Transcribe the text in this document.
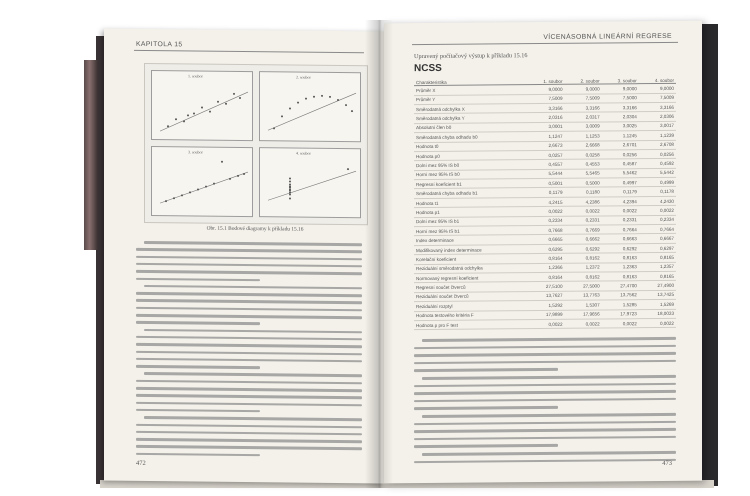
KAPITOLA 15
1. soubor	2. soubor
3. soubor	4. soubor
Obr. 15.1 Bodové diagramy k příkladu 15.16
472
VÍCENÁSOBNÁ LINEÁRNÍ REGRESE
Upravený počítačový výstup k příkladu 15.16
NCSS
Charakteristika	1. soubor	2. soubor	3. soubor	4. soubor
Průměr X	9,0000	9,0000	9,0000	9,0000
Průměr Y	7,5009	7,5009	7,5000	7,5009
Směrodatná odchylka X	3,3166	3,3166	3,3166	3,3166
Směrodatná odchylka Y	2,0316	2,0317	2,0304	2,0306
Absolutní člen b0	3,0001	3,0009	3,0025	3,0017
Směrodatná chyba odhadu b0	1,1247	1,1253	1,1245	1,1239
Hodnota t0	2,6673	2,6668	2,6701	2,6708
Hodnota p0	0,0257	0,0258	0,0256	0,0256
Dolní mez 95% IS b0	0,4557	0,4553	0,4587	0,4592
Horní mez 95% IS b0	5,5444	5,5465	5,5462	5,5442
Regresní koeficient b1	0,5001	0,5000	0,4997	0,4999
Směrodatná chyba odhadu b1	0,1179	0,1180	0,1179	0,1178
Hodnota t1	4,2415	4,2386	4,2394	4,2430
Hodnota p1	0,0022	0,0022	0,0022	0,0022
Dolní mez 95% IS b1	0,2334	0,2331	0,2331	0,2334
Horní mez 95% IS b1	0,7668	0,7669	0,7664	0,7664
Index determinace	0,6665	0,6662	0,6663	0,6667
Modifikovaný index determinace	0,6295	0,6292	0,6292	0,6297
Korelační koeficient	0,8164	0,8162	0,8163	0,8165
Reziduální směrodatná odchylka	1,2366	1,2372	1,2363	1,2357
Normovaný regresní koeficient	0,8164	0,8162	0,8163	0,8165
Regresní součet čtverců	27,5100	27,5000	27,4700	27,4900
Reziduální součet čtverců	13,7627	13,7763	13,7562	13,7425
Reziduální rozptyl	1,5292	1,5307	1,5285	1,5269
Hodnota testového kritéria F	17,9899	17,9656	17,9723	18,0033
Hodnota p pro F test	0,0022	0,0022	0,0022	0,0022
473
